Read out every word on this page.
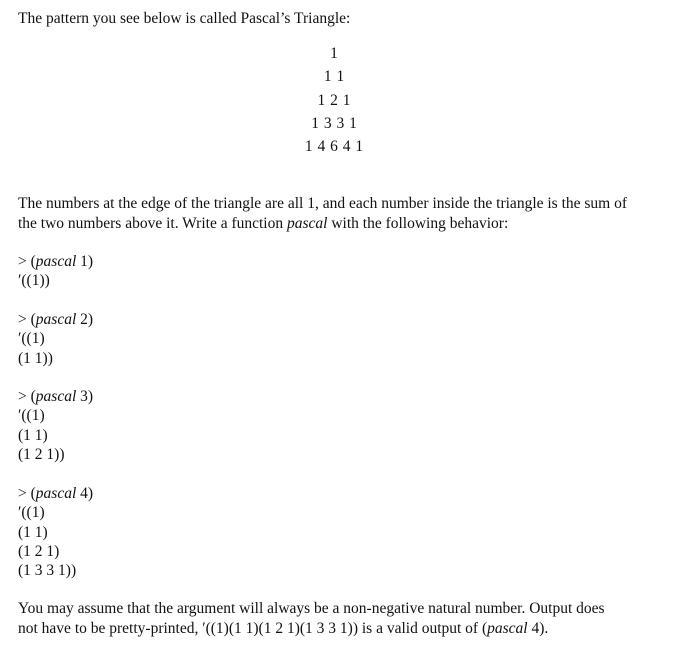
The pattern you see below is called Pascal’s Triangle:

1
1 1
1 2 1
1 3 3 1
1 4 6 4 1
The numbers at the edge of the triangle are all 1, and each number inside the triangle is the sum of
the two numbers above it. Write a function pascal with the following behavior:
> (pascal 1)
′((1))
> (pascal 2)
′((1)
(1 1))
> (pascal 3)
′((1)
(1 1)
(1 2 1))
> (pascal 4)
′((1)
(1 1)
(1 2 1)
(1 3 3 1))
You may assume that the argument will always be a non-negative natural number. Output does
not have to be pretty-printed, ′((1)(1 1)(1 2 1)(1 3 3 1)) is a valid output of (pascal 4).
